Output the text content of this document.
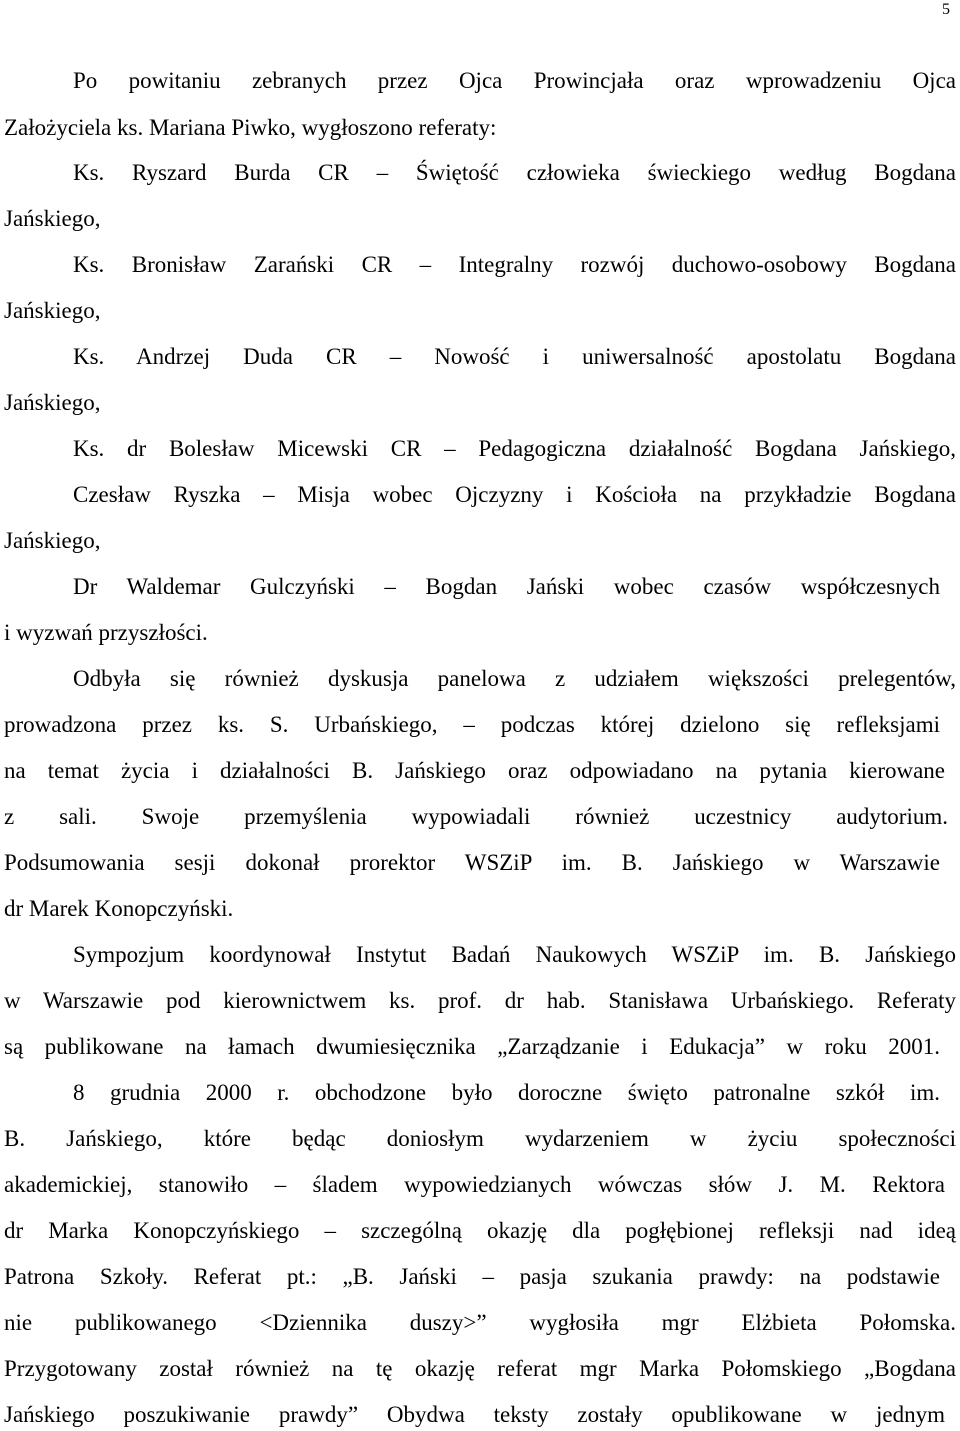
5
Po powitaniu zebranych przez Ojca Prowincjała oraz wprowadzeniu Ojca
Założyciela ks. Mariana Piwko, wygłoszono referaty:
Ks. Ryszard Burda CR – Świętość człowieka świeckiego według Bogdana
Jańskiego,
Ks. Bronisław Zarański CR – Integralny rozwój duchowo-osobowy Bogdana
Jańskiego,
Ks. Andrzej Duda CR – Nowość i uniwersalność apostolatu Bogdana
Jańskiego,
Ks. dr Bolesław Micewski CR – Pedagogiczna działalność Bogdana Jańskiego,
Czesław Ryszka – Misja wobec Ojczyzny i Kościoła na przykładzie Bogdana
Jańskiego,
Dr Waldemar Gulczyński – Bogdan Jański wobec czasów współczesnych
i wyzwań przyszłości.
Odbyła się również dyskusja panelowa z udziałem większości prelegentów,
prowadzona przez ks. S. Urbańskiego, – podczas której dzielono się refleksjami
na temat życia i działalności B. Jańskiego oraz odpowiadano na pytania kierowane
z sali. Swoje przemyślenia wypowiadali również uczestnicy audytorium.
Podsumowania sesji dokonał prorektor WSZiP im. B. Jańskiego w Warszawie
dr Marek Konopczyński.
Sympozjum koordynował Instytut Badań Naukowych WSZiP im. B. Jańskiego
w Warszawie pod kierownictwem ks. prof. dr hab. Stanisława Urbańskiego. Referaty
są publikowane na łamach dwumiesięcznika „Zarządzanie i Edukacja” w roku 2001.
8 grudnia 2000 r. obchodzone było doroczne święto patronalne szkół im.
B. Jańskiego, które będąc doniosłym wydarzeniem w życiu społeczności
akademickiej, stanowiło – śladem wypowiedzianych wówczas słów J. M. Rektora
dr Marka Konopczyńskiego – szczególną okazję dla pogłębionej refleksji nad ideą
Patrona Szkoły. Referat pt.: „B. Jański – pasja szukania prawdy: na podstawie
nie publikowanego <Dziennika duszy>” wygłosiła mgr Elżbieta Połomska.
Przygotowany został również na tę okazję referat mgr Marka Połomskiego „Bogdana
Jańskiego poszukiwanie prawdy” Obydwa teksty zostały opublikowane w jednym
